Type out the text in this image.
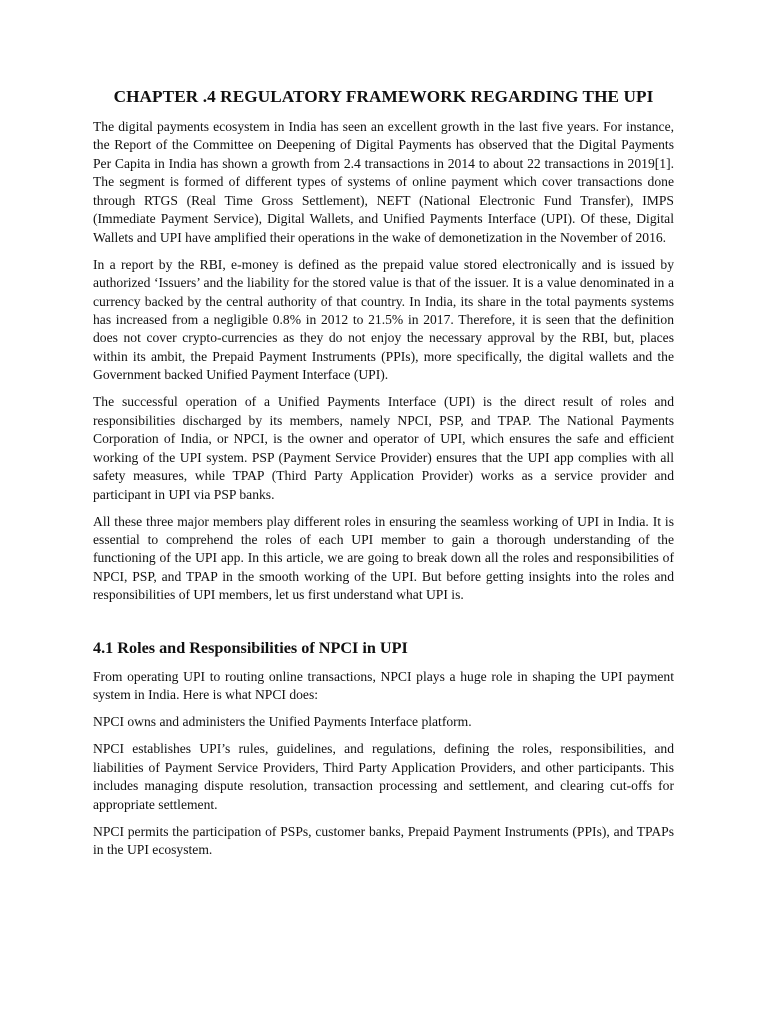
CHAPTER .4 REGULATORY FRAMEWORK REGARDING THE UPI

The digital payments ecosystem in India has seen an excellent growth in the last five years. For instance, the Report of the Committee on Deepening of Digital Payments has observed that the Digital Payments Per Capita in India has shown a growth from 2.4 transactions in 2014 to about 22 transactions in 2019[1]. The segment is formed of different types of systems of online payment which cover transactions done through RTGS (Real Time Gross Settlement), NEFT (National Electronic Fund Transfer), IMPS (Immediate Payment Service), Digital Wallets, and Unified Payments Interface (UPI). Of these, Digital Wallets and UPI have amplified their operations in the wake of demonetization in the November of 2016.

In a report by the RBI, e-money is defined as the prepaid value stored electronically and is issued by authorized ‘Issuers’ and the liability for the stored value is that of the issuer. It is a value denominated in a currency backed by the central authority of that country. In India, its share in the total payments systems has increased from a negligible 0.8% in 2012 to 21.5% in 2017. Therefore, it is seen that the definition does not cover crypto-currencies as they do not enjoy the necessary approval by the RBI, but, places within its ambit, the Prepaid Payment Instruments (PPIs), more specifically, the digital wallets and the Government backed Unified Payment Interface (UPI).

The successful operation of a Unified Payments Interface (UPI) is the direct result of roles and responsibilities discharged by its members, namely NPCI, PSP, and TPAP. The National Payments Corporation of India, or NPCI, is the owner and operator of UPI, which ensures the safe and efficient working of the UPI system. PSP (Payment Service Provider) ensures that the UPI app complies with all safety measures, while TPAP (Third Party Application Provider) works as a service provider and participant in UPI via PSP banks.

All these three major members play different roles in ensuring the seamless working of UPI in India. It is essential to comprehend the roles of each UPI member to gain a thorough understanding of the functioning of the UPI app. In this article, we are going to break down all the roles and responsibilities of NPCI, PSP, and TPAP in the smooth working of the UPI. But before getting insights into the roles and responsibilities of UPI members, let us first understand what UPI is.

4.1 Roles and Responsibilities of NPCI in UPI

From operating UPI to routing online transactions, NPCI plays a huge role in shaping the UPI payment system in India. Here is what NPCI does:

NPCI owns and administers the Unified Payments Interface platform.

NPCI establishes UPI’s rules, guidelines, and regulations, defining the roles, responsibilities, and liabilities of Payment Service Providers, Third Party Application Providers, and other participants. This includes managing dispute resolution, transaction processing and settlement, and clearing cut-offs for appropriate settlement.

NPCI permits the participation of PSPs, customer banks, Prepaid Payment Instruments (PPIs), and TPAPs in the UPI ecosystem.
